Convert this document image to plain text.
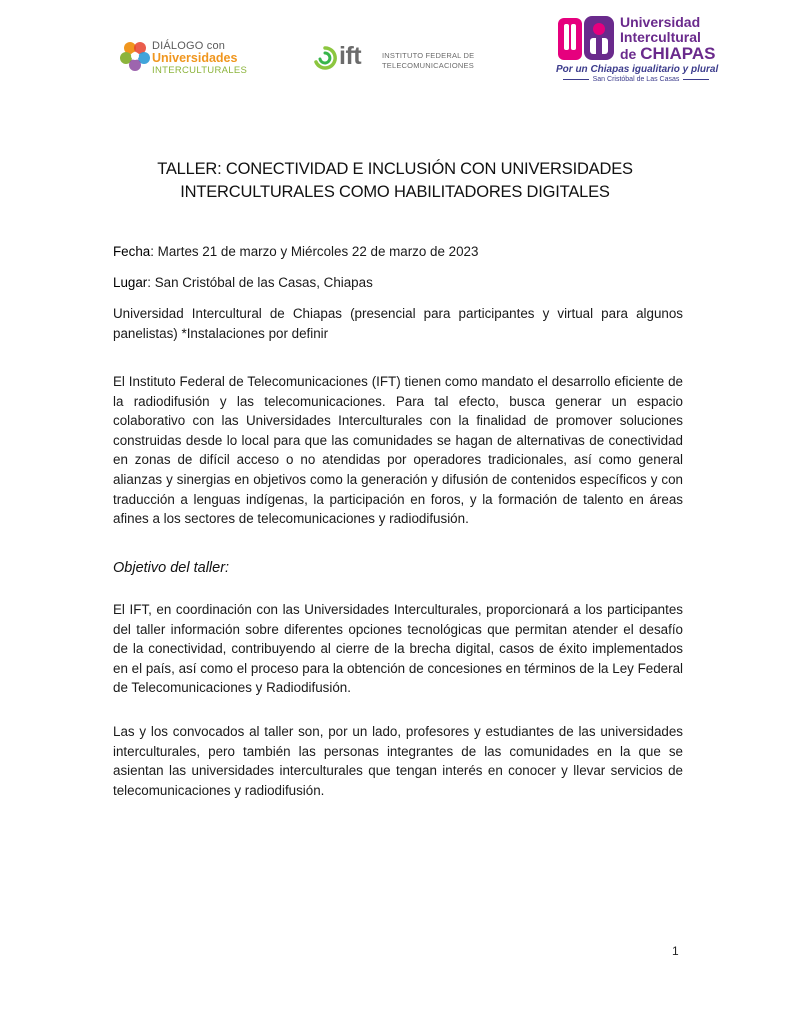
DIÁLOGO con
Universidades
INTERCULTURALES
ift	INSTITUTO FEDERAL DE
TELECOMUNICACIONES
Universidad
Intercultural
de CHIAPAS
Por un Chiapas igualitario y plural
San Cristóbal de Las Casas
TALLER: CONECTIVIDAD E INCLUSIÓN CON UNIVERSIDADES
INTERCULTURALES COMO HABILITADORES DIGITALES
Fecha: Martes 21 de marzo y Miércoles 22 de marzo de 2023
Lugar: San Cristóbal de las Casas, Chiapas
Universidad Intercultural de Chiapas (presencial para participantes y virtual para algunos panelistas) *Instalaciones por definir
El Instituto Federal de Telecomunicaciones (IFT) tienen como mandato el desarrollo eficiente de la radiodifusión y las telecomunicaciones. Para tal efecto, busca generar un espacio colaborativo con las Universidades Interculturales con la finalidad de promover soluciones construidas desde lo local para que las comunidades se hagan de alternativas de conectividad en zonas de difícil acceso o no atendidas por operadores tradicionales, así como general alianzas y sinergias en objetivos como la generación y difusión de contenidos específicos y con traducción a lenguas indígenas, la participación en foros, y la formación de talento en áreas afines a los sectores de telecomunicaciones y radiodifusión.
Objetivo del taller:
El IFT, en coordinación con las Universidades Interculturales, proporcionará a los participantes del taller información sobre diferentes opciones tecnológicas que permitan atender el desafío de la conectividad, contribuyendo al cierre de la brecha digital, casos de éxito implementados en el país, así como el proceso para la obtención de concesiones en términos de la Ley Federal de Telecomunicaciones y Radiodifusión.
Las y los convocados al taller son, por un lado, profesores y estudiantes de las universidades interculturales, pero también las personas integrantes de las comunidades en la que se asientan las universidades interculturales que tengan interés en conocer y llevar servicios de telecomunicaciones y radiodifusión.
1
